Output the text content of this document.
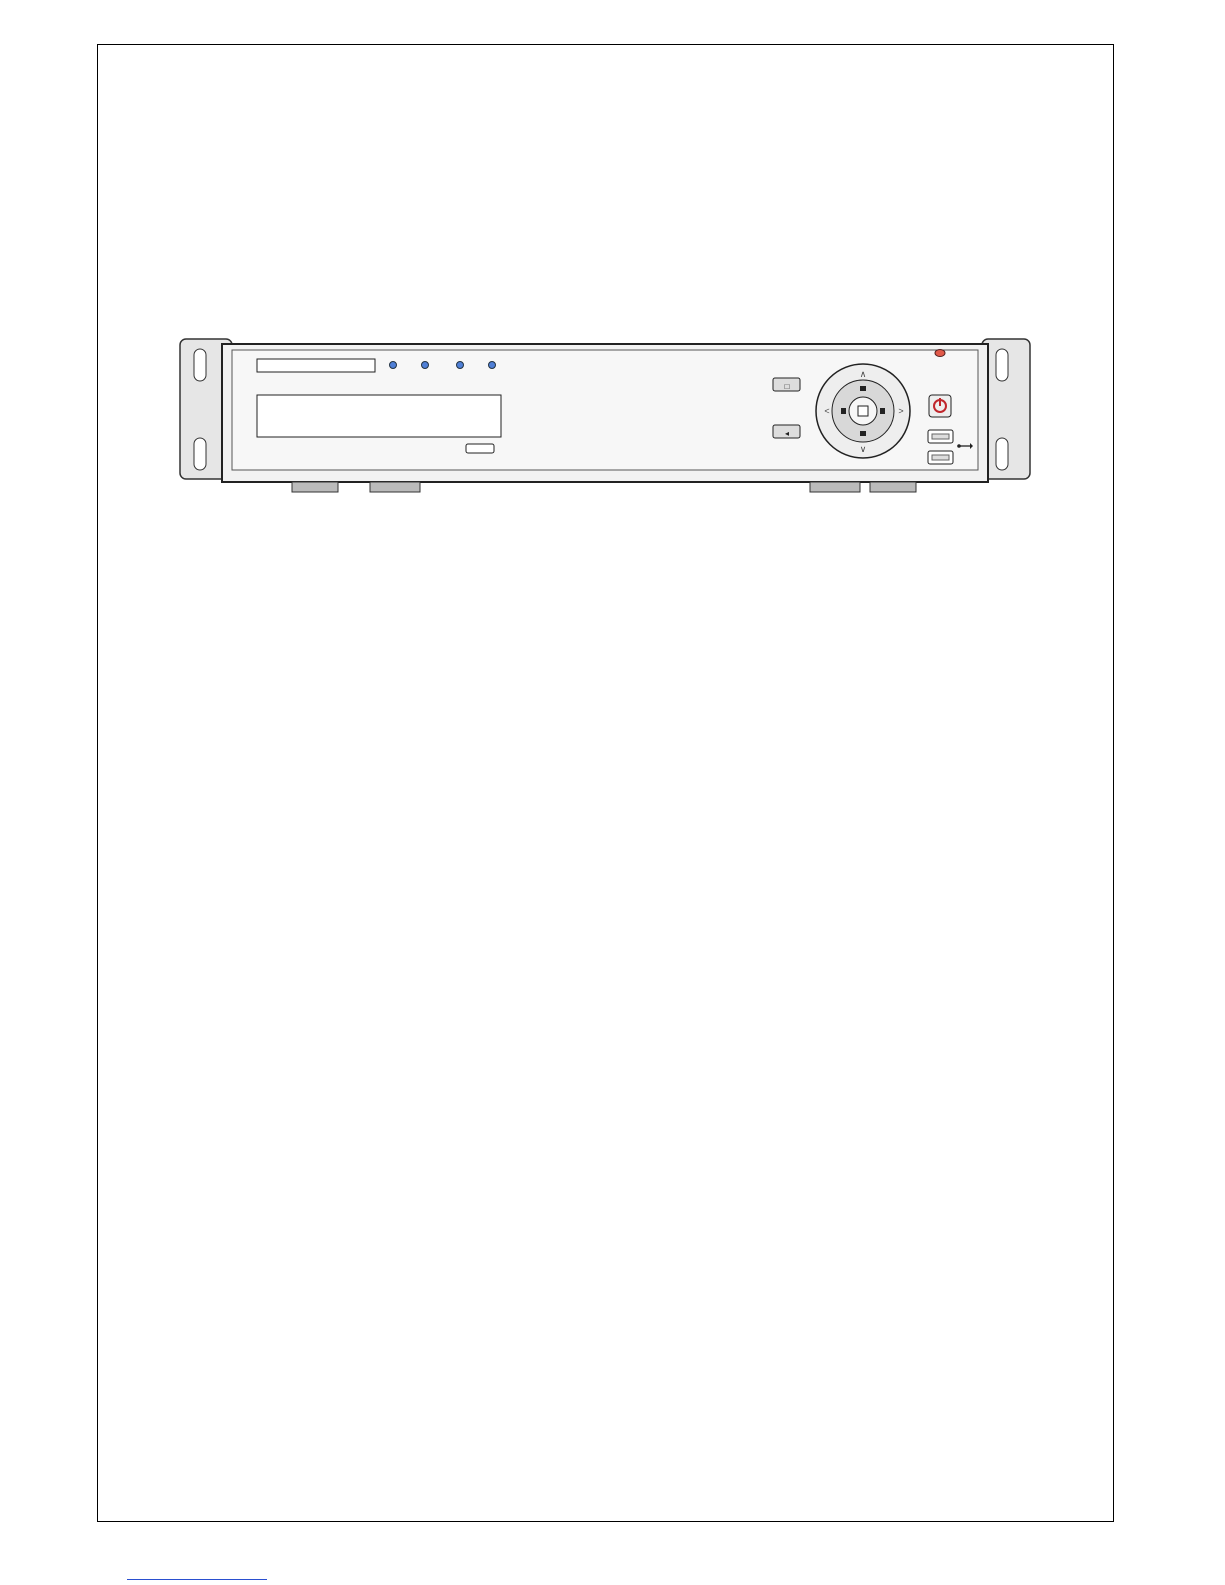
□
◂
∧
∨
<	>
